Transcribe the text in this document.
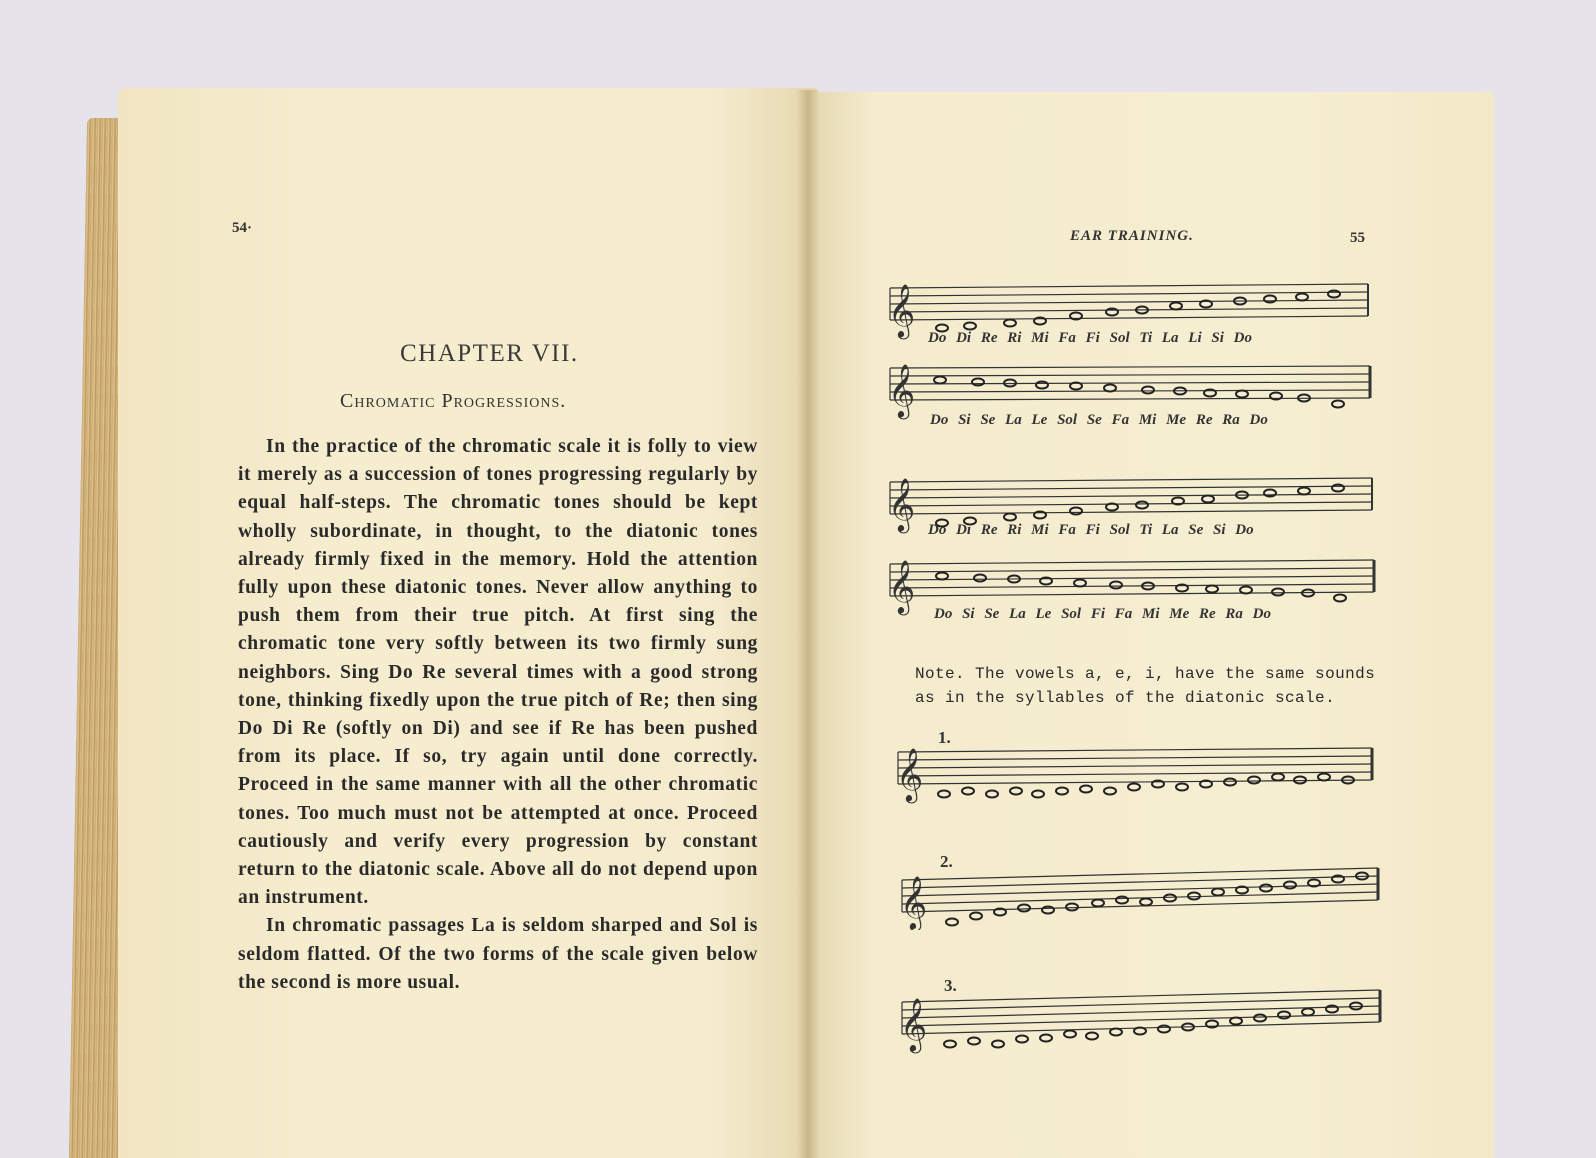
54·
CHAPTER VII.
Chromatic Progressions.

In the practice of the chromatic scale it is folly to view it merely as a succession of tones progressing regularly by equal half-steps. The chromatic tones should be kept wholly subordinate, in thought, to the diatonic tones already firmly fixed in the memory. Hold the attention fully upon these diatonic tones. Never allow anything to push them from their true pitch. At first sing the chromatic tone very softly between its two firmly sung neighbors. Sing Do Re several times with a good strong tone, thinking fixedly upon the true pitch of Re; then sing Do Di Re (softly on Di) and see if Re has been pushed from its place. If so, try again until done correctly. Proceed in the same manner with all the other chromatic tones. Too much must not be attempted at once. Proceed cautiously and verify every progression by constant return to the diatonic scale. Above all do not depend upon an instrument.

In chromatic passages La is seldom sharped and Sol is seldom flatted. Of the two forms of the scale given below the second is more usual.

EAR TRAINING.	55
𝄞
Do Di Re Ri Mi Fa Fi Sol Ti La Li Si Do
𝄞
Do Si Se La Le Sol Se Fa Mi Me Re Ra Do
𝄞 Do Di Re Ri Mi Fa Fi Sol Ti La Se Si Do
𝄞
Do Si Se La Le Sol Fi Fa Mi Me Re Ra Do
Note. The vowels a, e, i, have the same sounds as in the syllables of the diatonic scale.
1.
𝄞
2.
𝄞
3.
𝄞
